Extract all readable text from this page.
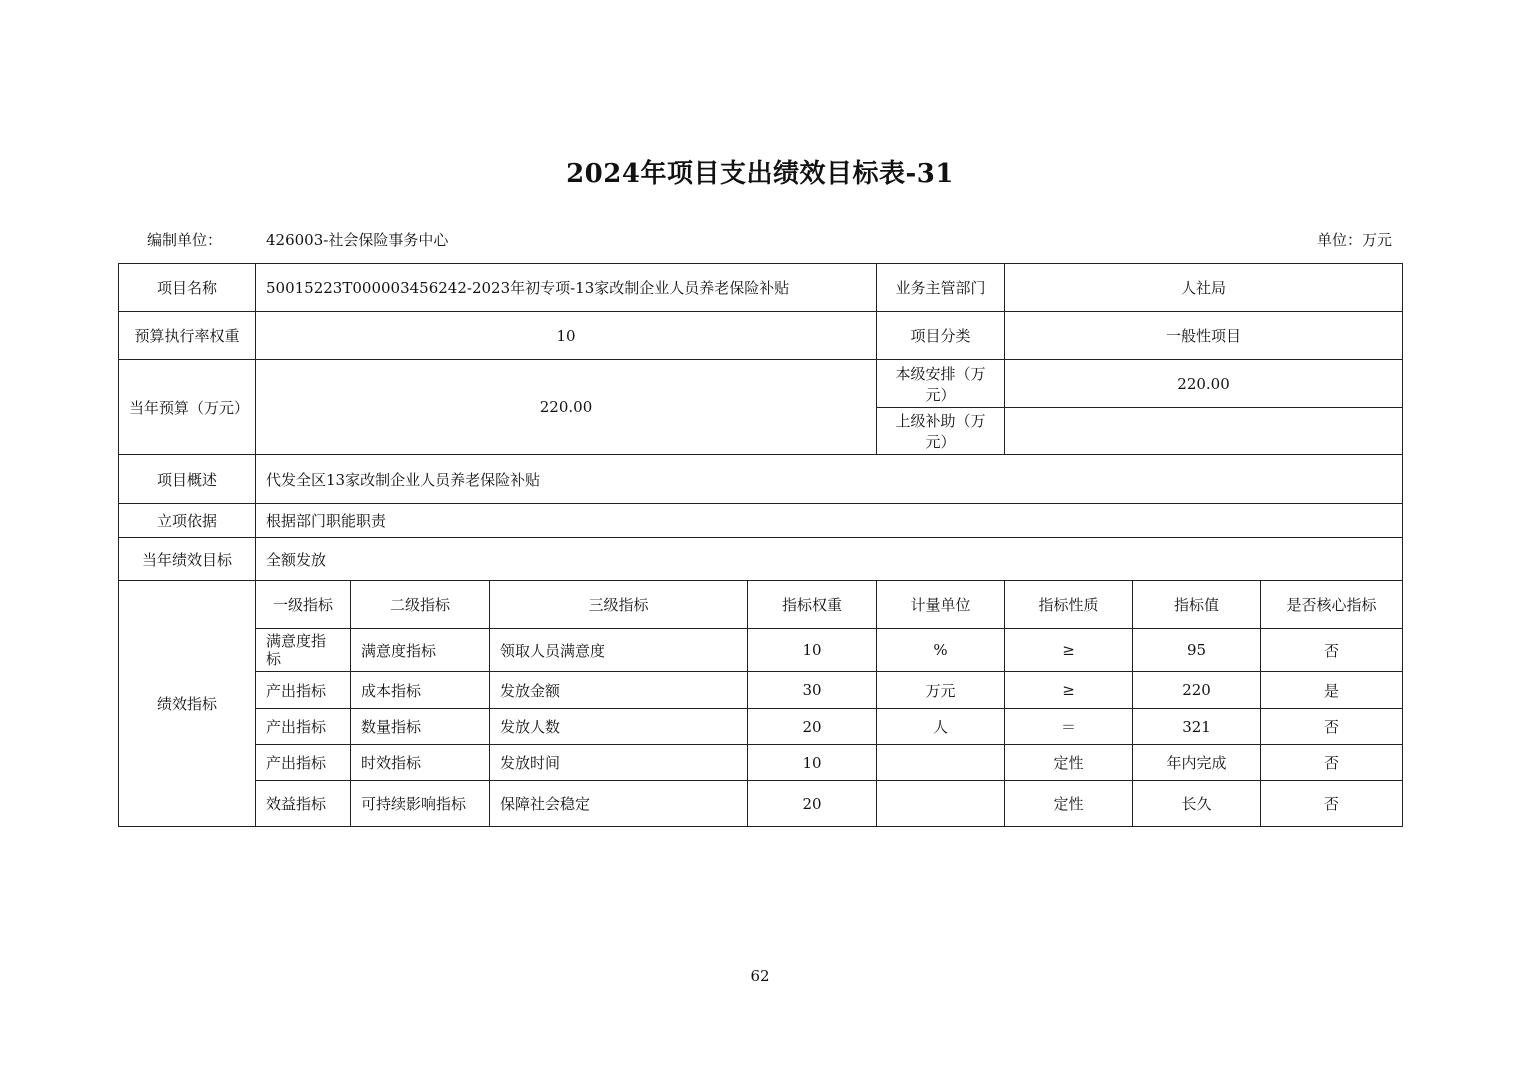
2024年项目支出绩效目标表-31
编制单位：	426003-社会保险事务中心	单位：万元
项目名称	50015223T000003456242-2023年初专项-13家改制企业人员养老保险补贴				业务主管部门	人社局		
预算执行率权重	10				项目分类	一般性项目		
当年预算（万元）	220.00				本级安排（万元）	220.00		
					上级补助（万元）			
项目概述	代发全区13家改制企业人员养老保险补贴							
立项依据	根据部门职能职责							
当年绩效目标	全额发放							
绩效指标	一级指标	二级指标	三级指标	指标权重	计量单位	指标性质	指标值	是否核心指标
	满意度指标	满意度指标	领取人员满意度	10	%	≥	95	否
	产出指标	成本指标	发放金额	30	万元	≥	220	是
	产出指标	数量指标	发放人数	20	人	＝	321	否
	产出指标	时效指标	发放时间	10		定性	年内完成	否
	效益指标	可持续影响指标	保障社会稳定	20		定性	长久	否
62
